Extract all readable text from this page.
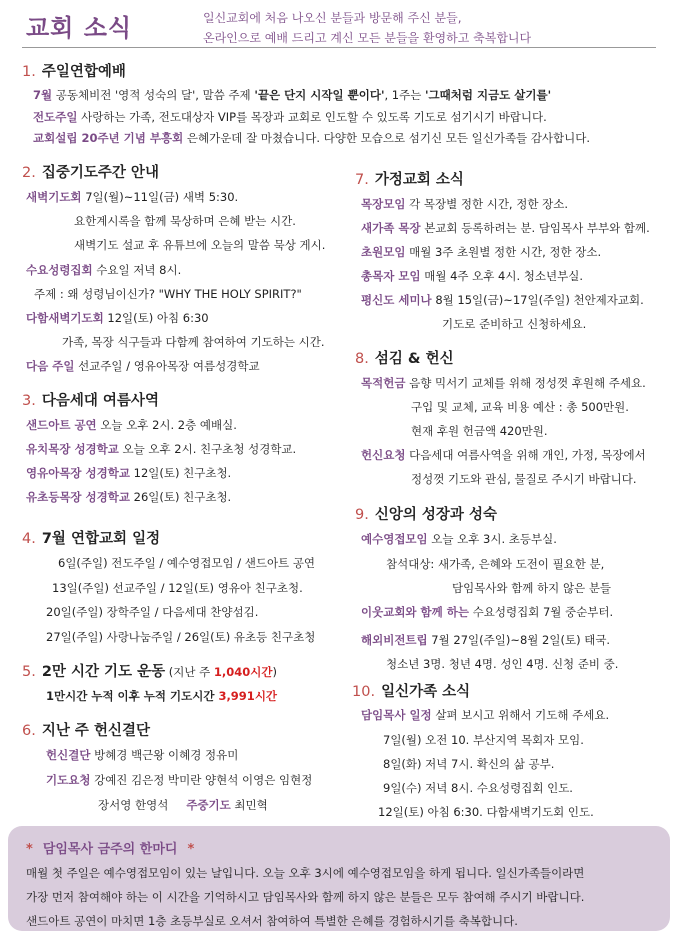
교회 소식	일신교회에 처음 나오신 분들과 방문해 주신 분들,
온라인으로 예배 드리고 계신 모든 분들을 환영하고 축복합니다
1. 주일연합예배
7월 공동체비전 '영적 성숙의 달', 말씀 주제 '끝은 단지 시작일 뿐이다', 1주는 '그때처럼 지금도 살기를'
전도주일 사랑하는 가족, 전도대상자 VIP를 목장과 교회로 인도할 수 있도록 기도로 섬기시기 바랍니다.
교회설립 20주년 기념 부흥회 은혜가운데 잘 마쳤습니다. 다양한 모습으로 섬기신 모든 일신가족들 감사합니다.
2. 집중기도주간 안내
새벽기도회 7일(월)~11일(금) 새벽 5:30.
요한계시록을 함께 묵상하며 은혜 받는 시간.
새벽기도 설교 후 유튜브에 오늘의 말씀 묵상 게시.
수요성령집회 수요일 저녁 8시.
주제 : 왜 성령님이신가? "WHY THE HOLY SPIRIT?"
다함새벽기도회 12일(토) 아침 6:30
가족, 목장 식구들과 다함께 참여하여 기도하는 시간.
다음 주일 선교주일 / 영유아목장 여름성경학교
3. 다음세대 여름사역
샌드아트 공연 오늘 오후 2시. 2층 예배실.
유치목장 성경학교 오늘 오후 2시. 친구초청 성경학교.
영유아목장 성경학교 12일(토) 친구초청.
유초등목장 성경학교 26일(토) 친구초청.
4. 7월 연합교회 일정
6일(주일) 전도주일 / 예수영접모임 / 샌드아트 공연
13일(주일) 선교주일 / 12일(토) 영유아 친구초청.
20일(주일) 장학주일 / 다음세대 찬양섬김.
27일(주일) 사랑나눔주일 / 26일(토) 유초등 친구초청
5. 2만 시간 기도 운동 (지난 주 1,040시간)
1만시간 누적 이후 누적 기도시간 3,991시간
6. 지난 주 헌신결단
헌신결단 방혜경 백근왕 이혜경 정유미
기도요청 강예진 김은정 박미란 양현석 이영은 임현정
장서영 한영석 주중기도 최민혁
7. 가정교회 소식
목장모임 각 목장별 정한 시간, 정한 장소.
새가족 목장 본교회 등록하려는 분. 담임목사 부부와 함께.
초원모임 매월 3주 초원별 정한 시간, 정한 장소.
총목자 모임 매월 4주 오후 4시. 청소년부실.
평신도 세미나 8월 15일(금)~17일(주일) 천안제자교회.
기도로 준비하고 신청하세요.
8. 섬김 & 헌신
목적헌금 음향 믹서기 교체를 위해 정성껏 후원해 주세요.
구입 및 교체, 교육 비용 예산 : 총 500만원.
현재 후원 헌금액 420만원.
헌신요청 다음세대 여름사역을 위해 개인, 가정, 목장에서
정성껏 기도와 관심, 물질로 주시기 바랍니다.
9. 신앙의 성장과 성숙
예수영접모임 오늘 오후 3시. 초등부실.
참석대상: 새가족, 은혜와 도전이 필요한 분,
담임목사와 함께 하지 않은 분들
이웃교회와 함께 하는 수요성령집회 7월 중순부터.
해외비전트립 7월 27일(주일)~8월 2일(토) 태국.
청소년 3명. 청년 4명. 성인 4명. 신청 준비 중.
10. 일신가족 소식
담임목사 일정 살펴 보시고 위해서 기도해 주세요.
7일(월) 오전 10. 부산지역 목회자 모임.
8일(화) 저녁 7시. 확신의 삶 공부.
9일(수) 저녁 8시. 수요성령집회 인도.
12일(토) 아침 6:30. 다함새벽기도회 인도.
* 담임목사 금주의 한마디 *
매월 첫 주일은 예수영접모임이 있는 날입니다. 오늘 오후 3시에 예수영접모임을 하게 됩니다. 일신가족들이라면
가장 먼저 참여해야 하는 이 시간을 기억하시고 담임목사와 함께 하지 않은 분들은 모두 참여해 주시기 바랍니다.
샌드아트 공연이 마치면 1층 초등부실로 오셔서 참여하여 특별한 은혜를 경험하시기를 축복합니다.
